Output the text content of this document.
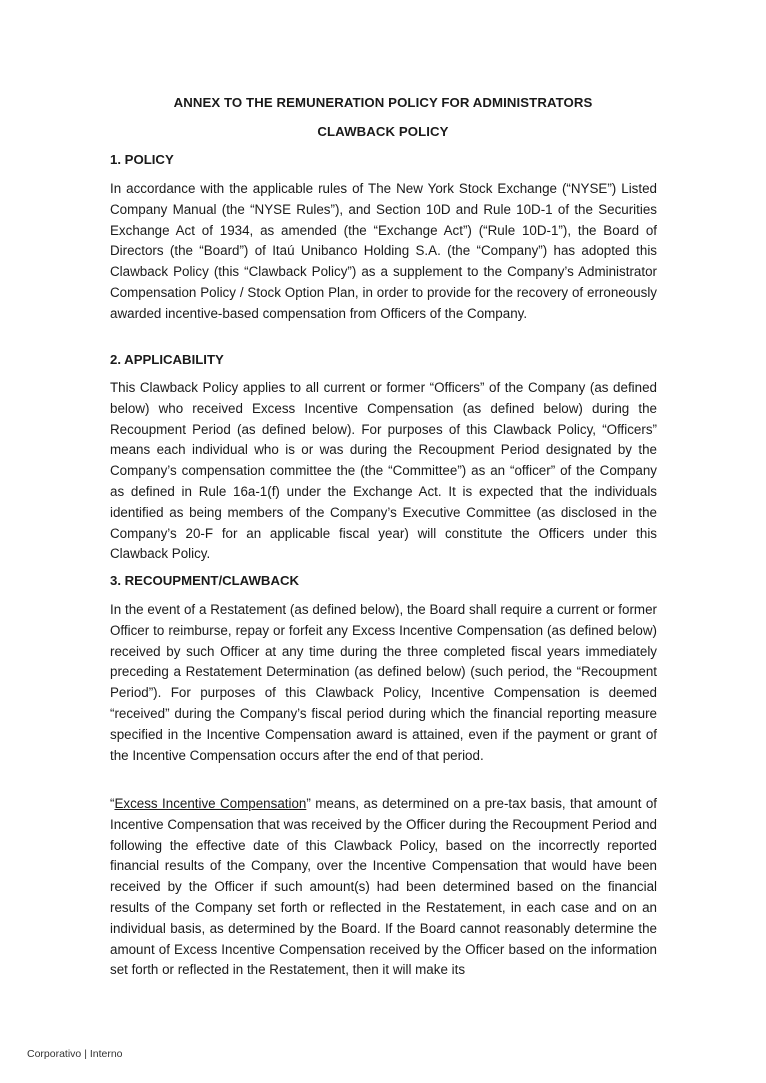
ANNEX TO THE REMUNERATION POLICY FOR ADMINISTRATORS

CLAWBACK POLICY

1. POLICY

In accordance with the applicable rules of The New York Stock Exchange (“NYSE”) Listed Company Manual (the “NYSE Rules”), and Section 10D and Rule 10D-1 of the Securities Exchange Act of 1934, as amended (the “Exchange Act”) (“Rule 10D-1”), the Board of Directors (the “Board”) of Itaú Unibanco Holding S.A. (the “Company”) has adopted this Clawback Policy (this “Clawback Policy”) as a supplement to the Company’s Administrator Compensation Policy / Stock Option Plan, in order to provide for the recovery of erroneously awarded incentive-based compensation from Officers of the Company.

2. APPLICABILITY

This Clawback Policy applies to all current or former “Officers” of the Company (as defined below) who received Excess Incentive Compensation (as defined below) during the Recoupment Period (as defined below). For purposes of this Clawback Policy, “Officers” means each individual who is or was during the Recoupment Period designated by the Company’s compensation committee the (the “Committee”) as an “officer” of the Company as defined in Rule 16a-1(f) under the Exchange Act. It is expected that the individuals identified as being members of the Company’s Executive Committee (as disclosed in the Company’s 20-F for an applicable fiscal year) will constitute the Officers under this Clawback Policy.

3. RECOUPMENT/CLAWBACK

In the event of a Restatement (as defined below), the Board shall require a current or former Officer to reimburse, repay or forfeit any Excess Incentive Compensation (as defined below) received by such Officer at any time during the three completed fiscal years immediately preceding a Restatement Determination (as defined below) (such period, the “Recoupment Period”). For purposes of this Clawback Policy, Incentive Compensation is deemed “received” during the Company’s fiscal period during which the financial reporting measure specified in the Incentive Compensation award is attained, even if the payment or grant of the Incentive Compensation occurs after the end of that period.

“Excess Incentive Compensation” means, as determined on a pre-tax basis, that amount of Incentive Compensation that was received by the Officer during the Recoupment Period and following the effective date of this Clawback Policy, based on the incorrectly reported financial results of the Company, over the Incentive Compensation that would have been received by the Officer if such amount(s) had been determined based on the financial results of the Company set forth or reflected in the Restatement, in each case and on an individual basis, as determined by the Board. If the Board cannot reasonably determine the amount of Excess Incentive Compensation received by the Officer based on the information set forth or reflected in the Restatement, then it will make its

Corporativo | Interno
